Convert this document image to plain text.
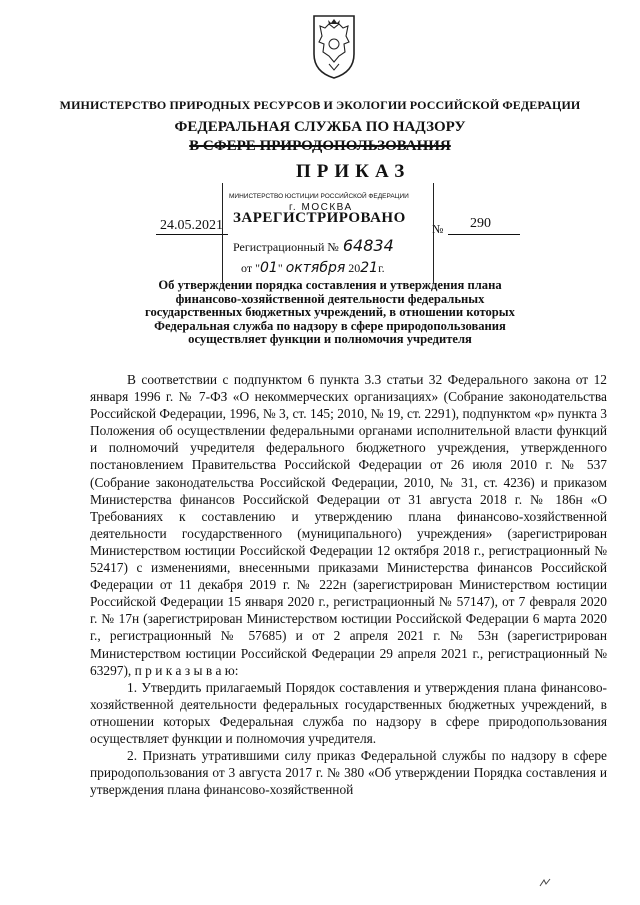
МИНИСТЕРСТВО ПРИРОДНЫХ РЕСУРСОВ И ЭКОЛОГИИ РОССИЙСКОЙ ФЕДЕРАЦИИ
ФЕДЕРАЛЬНАЯ СЛУЖБА ПО НАДЗОРУ
В СФЕРЕ ПРИРОДОПОЛЬЗОВАНИЯ
ПРИКАЗ
24.05.2021	№ 290
МИНИСТЕРСТВО ЮСТИЦИИ РОССИЙСКОЙ ФЕДЕРАЦИИ
г. МОСКВА
ЗАРЕГИСТРИРОВАНО
Регистрационный № 64834
от "01" октября 2021г.
Об утверждении порядка составления и утверждения плана финансово-хозяйственной деятельности федеральных государственных бюджетных учреждений, в отношении которых Федеральная служба по надзору в сфере природопользования осуществляет функции и полномочия учредителя

В соответствии с подпунктом 6 пункта 3.3 статьи 32 Федерального закона от 12 января 1996 г. № 7-ФЗ «О некоммерческих организациях» (Собрание законодательства Российской Федерации, 1996, № 3, ст. 145; 2010, № 19, ст. 2291), подпунктом «р» пункта 3 Положения об осуществлении федеральными органами исполнительной власти функций и полномочий учредителя федерального бюджетного учреждения, утвержденного постановлением Правительства Российской Федерации от 26 июля 2010 г. № 537 (Собрание законодательства Российской Федерации, 2010, № 31, ст. 4236) и приказом Министерства финансов Российской Федерации от 31 августа 2018 г. № 186н «О Требованиях к составлению и утверждению плана финансово-хозяйственной деятельности государственного (муниципального) учреждения» (зарегистрирован Министерством юстиции Российской Федерации 12 октября 2018 г., регистрационный № 52417) с изменениями, внесенными приказами Министерства финансов Российской Федерации от 11 декабря 2019 г. № 222н (зарегистрирован Министерством юстиции Российской Федерации 15 января 2020 г., регистрационный № 57147), от 7 февраля 2020 г. № 17н (зарегистрирован Министерством юстиции Российской Федерации 6 марта 2020 г., регистрационный № 57685) и от 2 апреля 2021 г. № 53н (зарегистрирован Министерством юстиции Российской Федерации 29 апреля 2021 г., регистрационный № 63297), п р и к а з ы в а ю:

1. Утвердить прилагаемый Порядок составления и утверждения плана финансово-хозяйственной деятельности федеральных государственных бюджетных учреждений, в отношении которых Федеральная служба по надзору в сфере природопользования осуществляет функции и полномочия учредителя.

2. Признать утратившими силу приказ Федеральной службы по надзору в сфере природопользования от 3 августа 2017 г. № 380 «Об утверждении Порядка составления и утверждения плана финансово-хозяйственной
